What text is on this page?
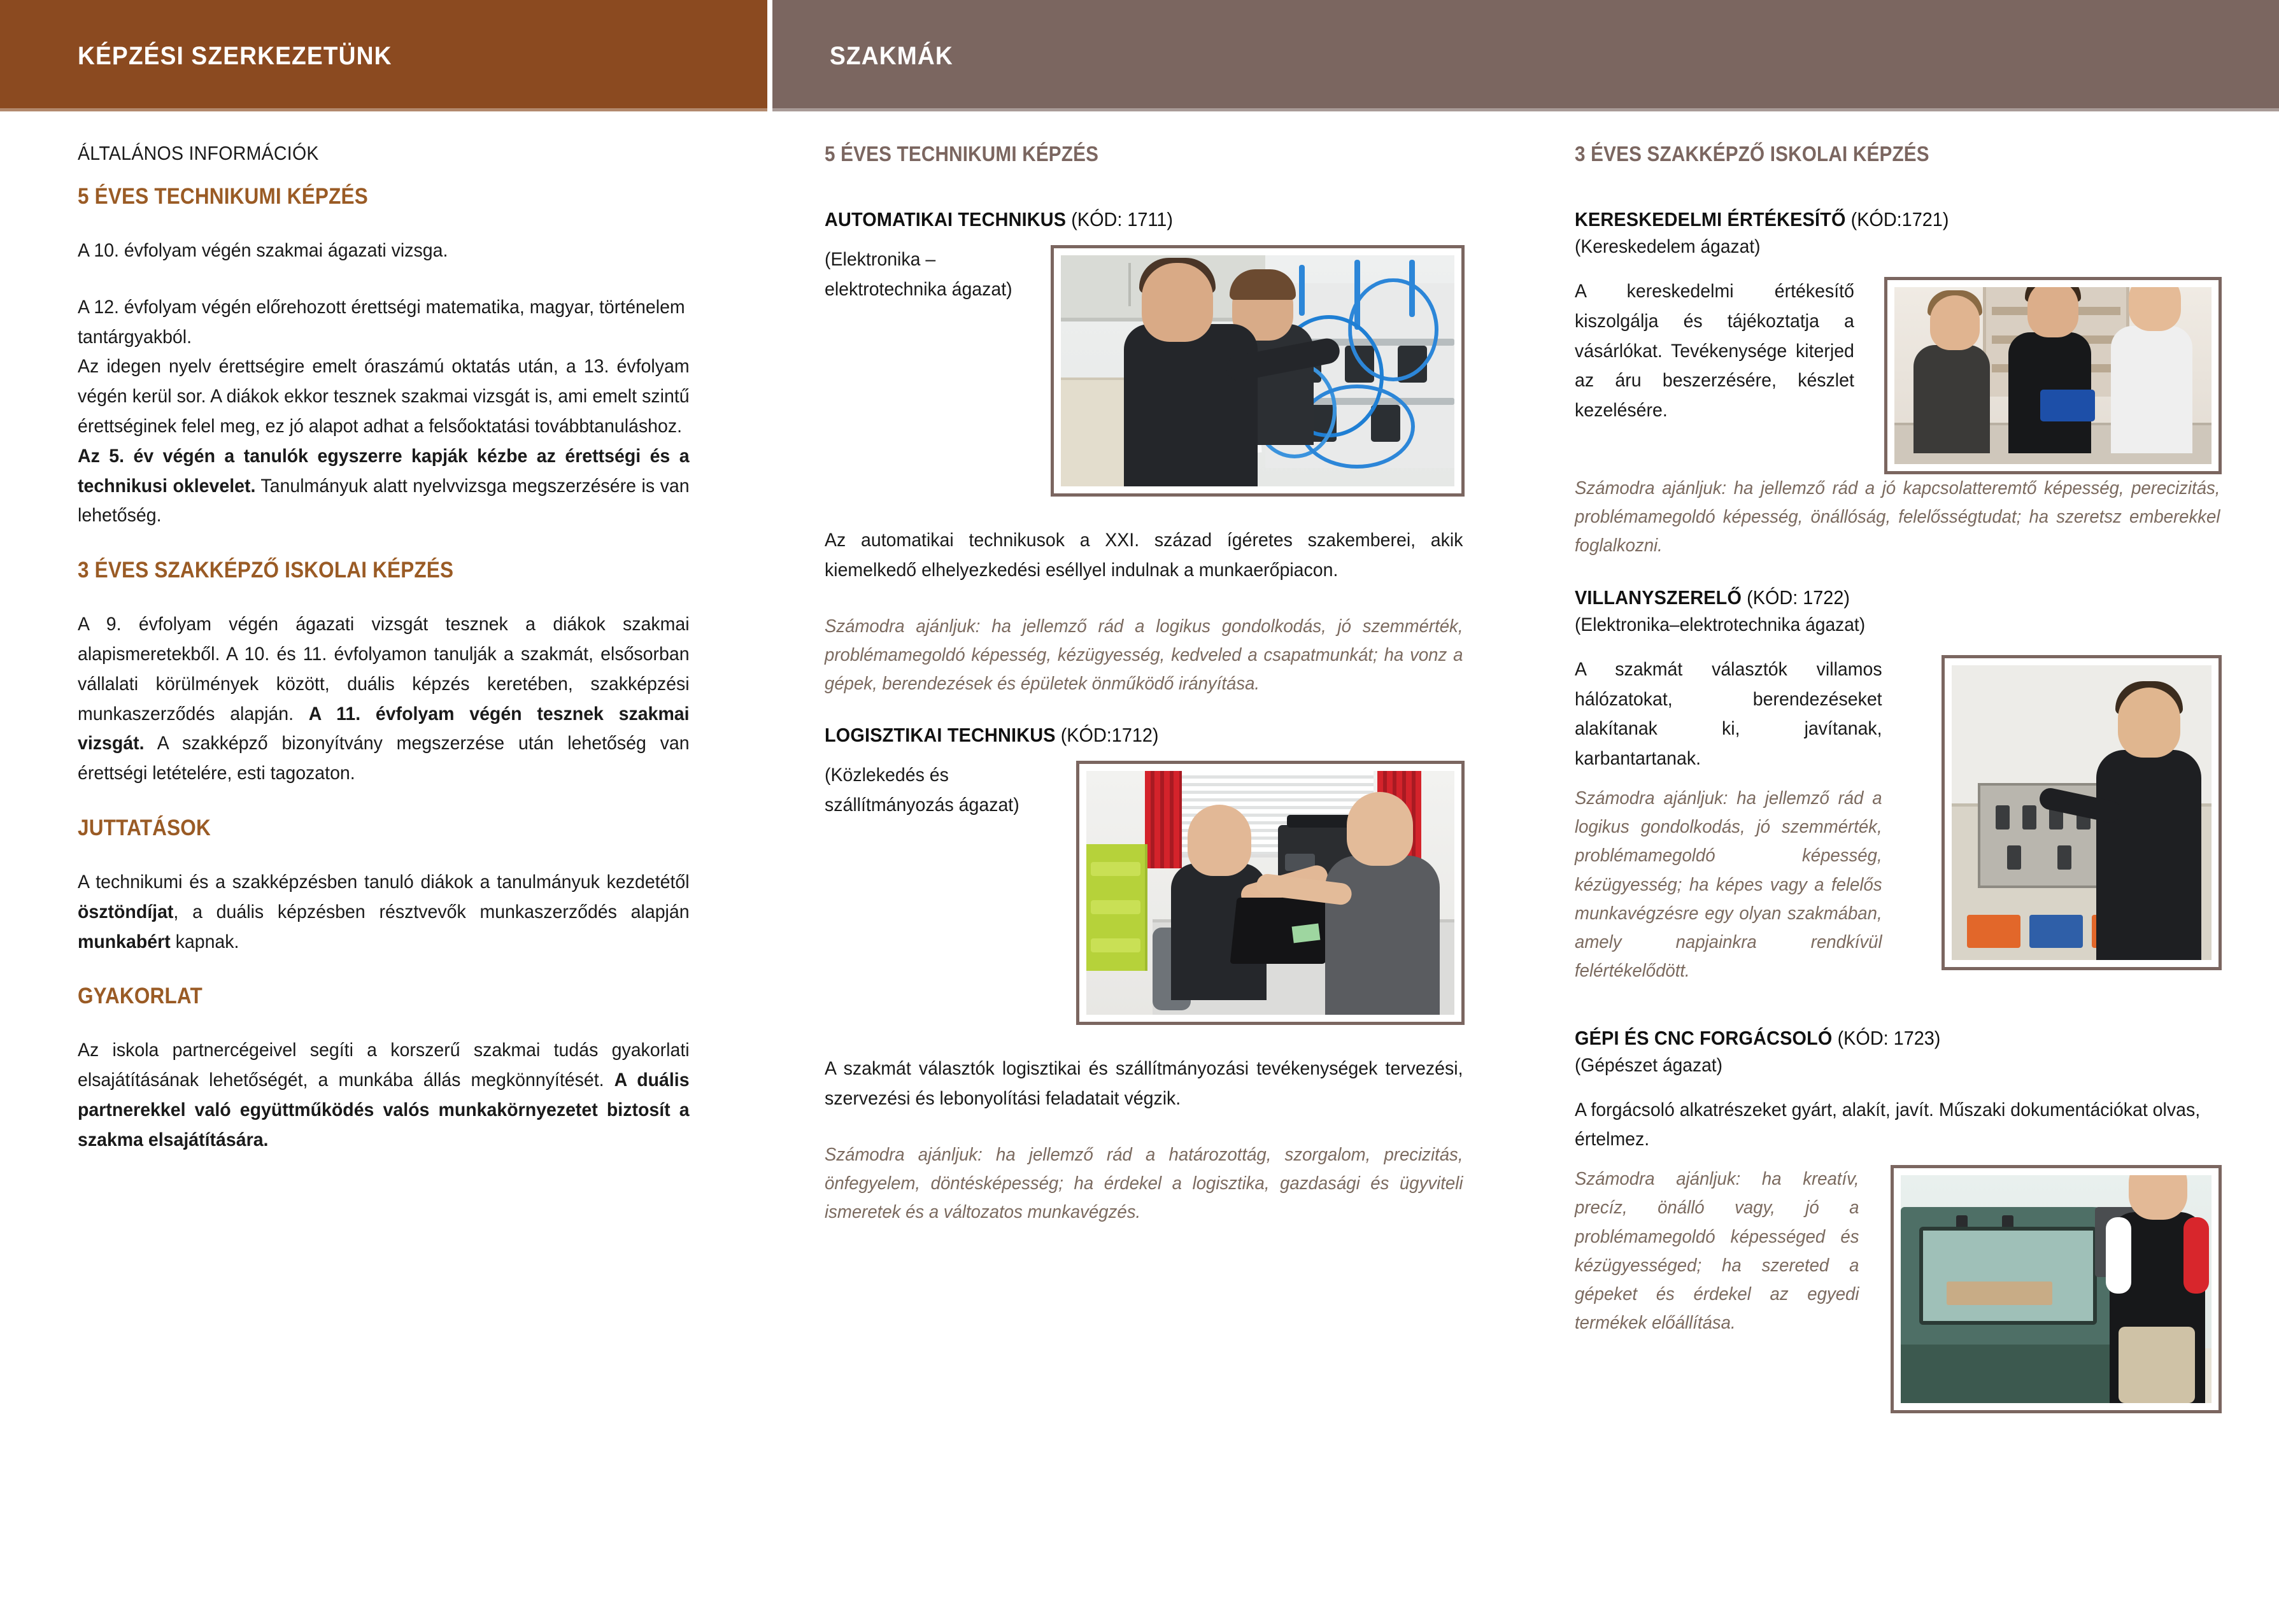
KÉPZÉSI SZERKEZETÜNK	SZAKMÁK
ÁLTALÁNOS INFORMÁCIÓK
5 ÉVES TECHNIKUMI KÉPZÉS

A 10. évfolyam végén szakmai ágazati vizsga.

A 12. évfolyam végén előrehozott érettségi matematika, magyar, történelem tantárgyakból.

Az idegen nyelv érettségire emelt óraszámú oktatás után, a 13. évfolyam végén kerül sor. A diákok ekkor tesznek szakmai vizsgát is, ami emelt szintű érettséginek felel meg, ez jó alapot adhat a felsőoktatási továbbtanuláshoz.

Az 5. év végén a tanulók egyszerre kapják kézbe az érettségi és a technikusi oklevelet. Tanulmányuk alatt nyelvvizsga megszerzésére is van lehetőség.

3 ÉVES SZAKKÉPZŐ ISKOLAI KÉPZÉS

A 9. évfolyam végén ágazati vizsgát tesznek a diákok szakmai alapismeretekből. A 10. és 11. évfolyamon tanulják a szakmát, elsősorban vállalati körülmények között, duális képzés keretében, szakképzési munkaszerződés alapján. A 11. évfolyam végén tesznek szakmai vizsgát. A szakképző bizonyítvány megszerzése után lehetőség van érettségi letételére, esti tagozaton.

JUTTATÁSOK

A technikumi és a szakképzésben tanuló diákok a tanulmányuk kezdetétől ösztöndíjat, a duális képzésben résztvevők munkaszerződés alapján munkabért kapnak.

GYAKORLAT

Az iskola partnercégeivel segíti a korszerű szakmai tudás gyakorlati elsajátításának lehetőségét, a munkába állás megkönnyítését. A duális partnerekkel való együttműködés valós munkakörnyezetet biztosít a szakma elsajátítására.

5 ÉVES TECHNIKUMI KÉPZÉS
AUTOMATIKAI TECHNIKUS (KÓD: 1711)

(Elektronika – elektrotechnika ágazat)

Az automatikai technikusok a XXI. század ígéretes szakemberei, akik kiemelkedő elhelyezkedési eséllyel indulnak a munkaerőpiacon.

Számodra ajánljuk: ha jellemző rád a logikus gondolkodás, jó szemmérték, problémamegoldó képesség, kézügyesség, kedveled a csapatmunkát; ha vonz a gépek, berendezések és épületek önműködő irányítása.

LOGISZTIKAI TECHNIKUS (KÓD:1712)

(Közlekedés és szállítmányozás ágazat)

A szakmát választók logisztikai és szállítmányozási tevékenységek tervezési, szervezési és lebonyolítási feladatait végzik.

Számodra ajánljuk: ha jellemző rád a határozottág, szorgalom, precizitás, önfegyelem, döntésképesség; ha érdekel a logisztika, gazdasági és ügyviteli ismeretek és a változatos munkavégzés.

3 ÉVES SZAKKÉPZŐ ISKOLAI KÉPZÉS
KERESKEDELMI ÉRTÉKESÍTŐ (KÓD:1721)
(Kereskedelem ágazat)

A kereskedelmi értékesítő kiszolgálja és tájékoztatja a vásárlókat. Tevékenysége kiterjed az áru beszerzésére, készlet kezelésére.

Számodra ajánljuk: ha jellemző rád a jó kapcsolatteremtő képesség, perecizitás, problémamegoldó képesség, önállóság, felelősségtudat; ha szeretsz emberekkel foglalkozni.

VILLANYSZERELŐ (KÓD: 1722)
(Elektronika–elektrotechnika ágazat)

A szakmát választók villamos hálózatokat, berendezéseket alakítanak ki, javítanak, karbantartanak.

Számodra ajánljuk: ha jellemző rád a logikus gondolkodás, jó szemmérték, problémamegoldó képesség, kézügyesség; ha képes vagy a felelős munkavégzésre egy olyan szakmában, amely napjainkra rendkívül felértékelődött.

GÉPI ÉS CNC FORGÁCSOLÓ (KÓD: 1723)
(Gépészet ágazat)

A forgácsoló alkatrészeket gyárt, alakít, javít. Műszaki dokumentációkat olvas, értelmez.

Számodra ajánljuk: ha kreatív, precíz, önálló vagy, jó a problémamegoldó képességed és kézügyességed; ha szereted a gépeket és érdekel az egyedi termékek előállítása.
